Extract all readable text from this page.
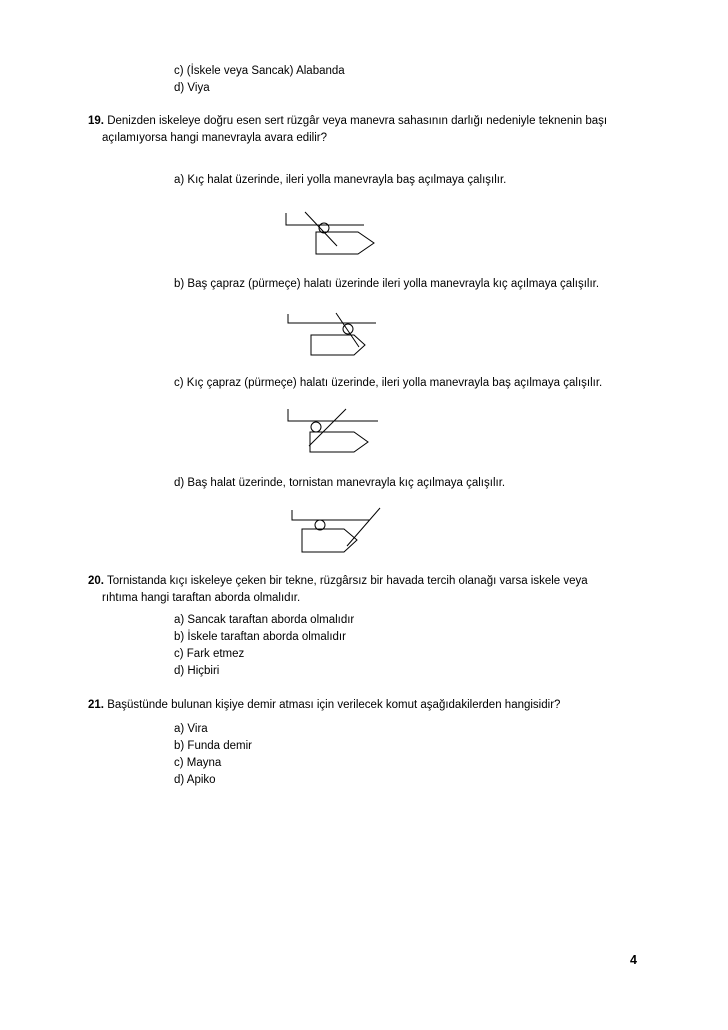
c) (İskele veya Sancak) Alabanda
d) Viya
19. Denizden iskeleye doğru esen sert rüzgâr veya manevra sahasının darlığı nedeniyle teknenin başı
açılamıyorsa hangi manevrayla avara edilir?
a) Kıç halat üzerinde, ileri yolla manevrayla baş açılmaya çalışılır.
b) Baş çapraz (pürmeçe) halatı üzerinde ileri yolla manevrayla kıç açılmaya çalışılır.
c) Kıç çapraz (pürmeçe) halatı üzerinde, ileri yolla manevrayla baş açılmaya çalışılır.
d) Baş halat üzerinde, tornistan manevrayla kıç açılmaya çalışılır.
20. Tornistanda kıçı iskeleye çeken bir tekne, rüzgârsız bir havada tercih olanağı varsa iskele veya
rıhtıma hangi taraftan aborda olmalıdır.
a) Sancak taraftan aborda olmalıdır
b) İskele taraftan aborda olmalıdır
c) Fark etmez
d) Hiçbiri
21. Başüstünde bulunan kişiye demir atması için verilecek komut aşağıdakilerden hangisidir?
a) Vira
b) Funda demir
c) Mayna
d) Apiko
4
